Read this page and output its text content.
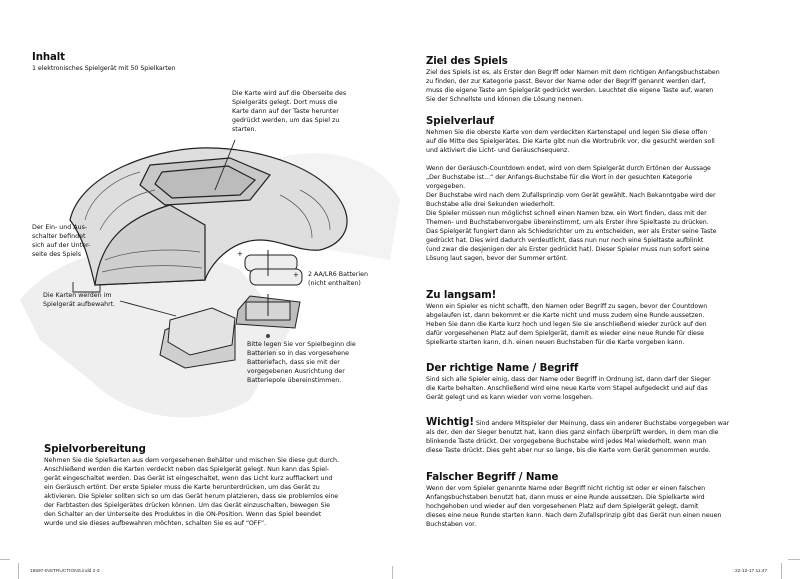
Inhalt

1 elektronisches Spielgerät mit 50 Spielkarten

Die Karte wird auf die Oberseite des
Spielgeräts gelegt. Dort muss die
Karte dann auf der Taste herunter
gedrückt werden, um das Spiel zu
starten.
Der Ein- und Aus-
schalter befindet
sich auf der Unter-
seite des Spiels
Die Karten werden im
Spielgerät aufbewahrt.
+
+ 2 AA/LR6 Batterien
(nicht enthalten)
Bitte legen Sie vor Spielbeginn die
Batterien so in das vorgesehene
Batteriefach, dass sie mit der
vorgegebenen Ausrichtung der
Batteriepole übereinstimmen.

Spielvorbereitung

Nehmen Sie die Spielkarten aus dem vorgesehenen Behälter und mischen Sie diese gut durch.

Anschließend werden die Karten verdeckt neben das Spielgerät gelegt. Nun kann das Spiel-

gerät eingeschaltet werden. Das Gerät ist eingeschaltet, wenn das Licht kurz aufflackert und

ein Geräusch ertönt. Der erste Spieler muss die Karte herunterdrücken, um das Gerät zu

aktivieren. Die Spieler sollten sich so um das Gerät herum platzieren, dass sie problemlos eine

der Farbtasten des Spielgerätes drücken können. Um das Gerät einzuschalten, bewegen Sie

den Schalter an der Unterseite des Produktes in die ON-Position. Wenn das Spiel beendet

wurde und sie dieses aufbewahren möchten, schalten Sie es auf “OFF”.

Ziel des Spiels

Ziel des Spiels ist es, als Erster den Begriff oder Namen mit dem richtigen Anfangsbuchstaben

zu finden, der zur Kategorie passt. Bevor der Name oder der Begriff genannt werden darf,

muss die eigene Taste am Spielgerät gedrückt werden. Leuchtet die eigene Taste auf, waren

Sie der Schnellste und können die Lösung nennen.

Spielverlauf

Nehmen Sie die oberste Karte von dem verdeckten Kartenstapel und legen Sie diese offen

auf die Mitte des Spielgerätes. Die Karte gibt nun die Wortrubrik vor, die gesucht werden soll

und aktiviert die Licht- und Geräuschsequenz.

Wenn der Geräusch-Countdown endet, wird von dem Spielgerät durch Ertönen der Aussage

„Der Buchstabe ist...“ der Anfangs-Buchstabe für die Wort in der gesuchten Kategorie

vorgegeben.

Der Buchstabe wird nach dem Zufallsprinzip vom Gerät gewählt. Nach Bekanntgabe wird der

Buchstabe alle drei Sekunden wiederholt.

Die Spieler müssen nun möglichst schnell einen Namen bzw. ein Wort finden, dass mit der

Themen- und Buchstabenvorgabe übereinstimmt, um als Erster ihre Spieltaste zu drücken.

Das Spielgerät fungiert dann als Schiedsrichter um zu entscheiden, wer als Erster seine Taste

gedrückt hat. Dies wird dadurch verdeutlicht, dass nun nur noch eine Spieltaste aufblinkt

(und zwar die desjenigen der als Erster gedrückt hat). Dieser Spieler muss nun sofort seine

Lösung laut sagen, bevor der Summer ertönt.

Zu langsam!

Wenn ein Spieler es nicht schafft, den Namen oder Begriff zu sagen, bevor der Countdown

abgelaufen ist, dann bekommt er die Karte nicht und muss zudem eine Runde aussetzen.

Heben Sie dann die Karte kurz hoch und legen Sie sie anschließend wieder zurück auf den

dafür vorgesehenen Platz auf dem Spielgerät, damit es wieder eine neue Runde für diese

Spielkarte starten kann, d.h. einen neuen Buchstaben für die Karte vorgeben kann.

Der richtige Name / Begriff

Sind sich alle Spieler einig, dass der Name oder Begriff in Ordnung ist, dann darf der Sieger

die Karte behalten. Anschließend wird eine neue Karte vom Stapel aufgedeckt und auf das

Gerät gelegt und es kann wieder von vorne losgehen.

Wichtig! Sind andere Mitspieler der Meinung, dass ein anderer Buchstabe vorgegeben war

als der, den der Sieger benutzt hat, kann dies ganz einfach überprüft werden, in dem man die

blinkende Taste drückt. Der vorgegebene Buchstabe wird jedes Mal wiederholt, wenn man

diese Taste drückt. Dies geht aber nur so lange, bis die Karte vom Gerät genommen wurde.

Falscher Begriff / Name

Wenn der vom Spieler genannte Name oder Begriff nicht richtig ist oder er einen falschen

Anfangsbuchstaben benutzt hat, dann muss er eine Runde aussetzen. Die Spielkarte wird

hochgehoben und wieder auf den vorgesehenen Platz auf dem Spielgerät gelegt, damit

dieses eine neue Runde starten kann. Nach dem Zufallsprinzip gibt das Gerät nun einen neuen

Buchstaben vor.

19597-INSTRUCTIONS.indd 2-3	22-12-17 11:47
